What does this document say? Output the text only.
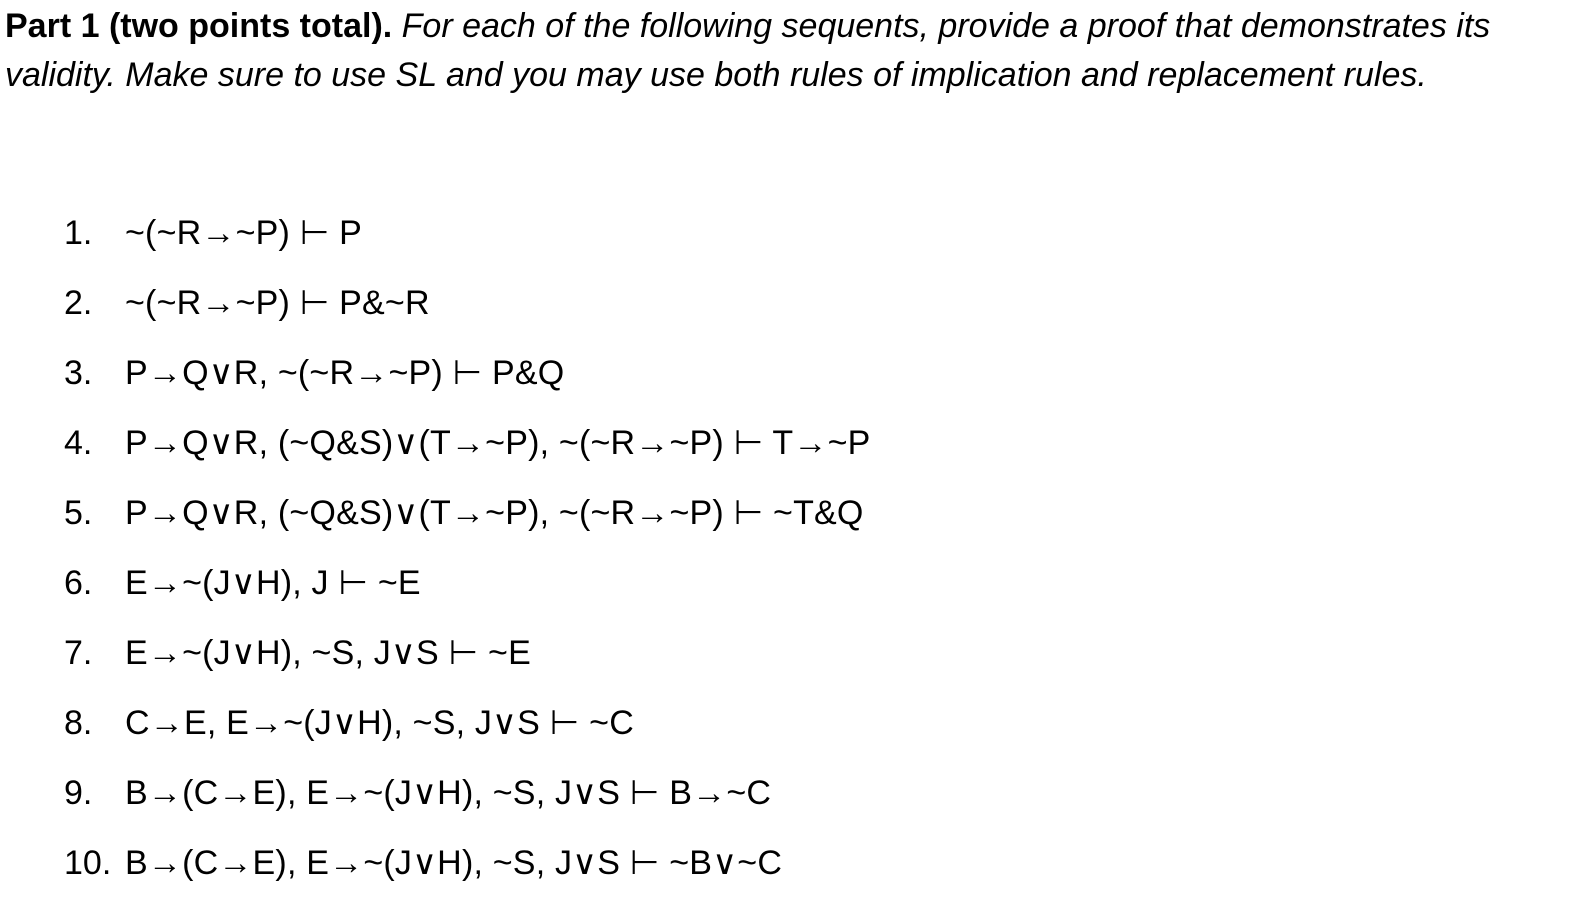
Part 1 (two points total). For each of the following sequents, provide a proof that demonstrates its validity. Make sure to use SL and you may use both rules of implication and replacement rules.

1. ~(~R→~P) ⊢ P
2. ~(~R→~P) ⊢ P&~R
3. P→Q∨R, ~(~R→~P) ⊢ P&Q
4. P→Q∨R, (~Q&S)∨(T→~P), ~(~R→~P) ⊢ T→~P
5. P→Q∨R, (~Q&S)∨(T→~P), ~(~R→~P) ⊢ ~T&Q
6. E→~(J∨H), J ⊢ ~E
7. E→~(J∨H), ~S, J∨S ⊢ ~E
8. C→E, E→~(J∨H), ~S, J∨S ⊢ ~C
9. B→(C→E), E→~(J∨H), ~S, J∨S ⊢ B→~C
10. B→(C→E), E→~(J∨H), ~S, J∨S ⊢ ~B∨~C
